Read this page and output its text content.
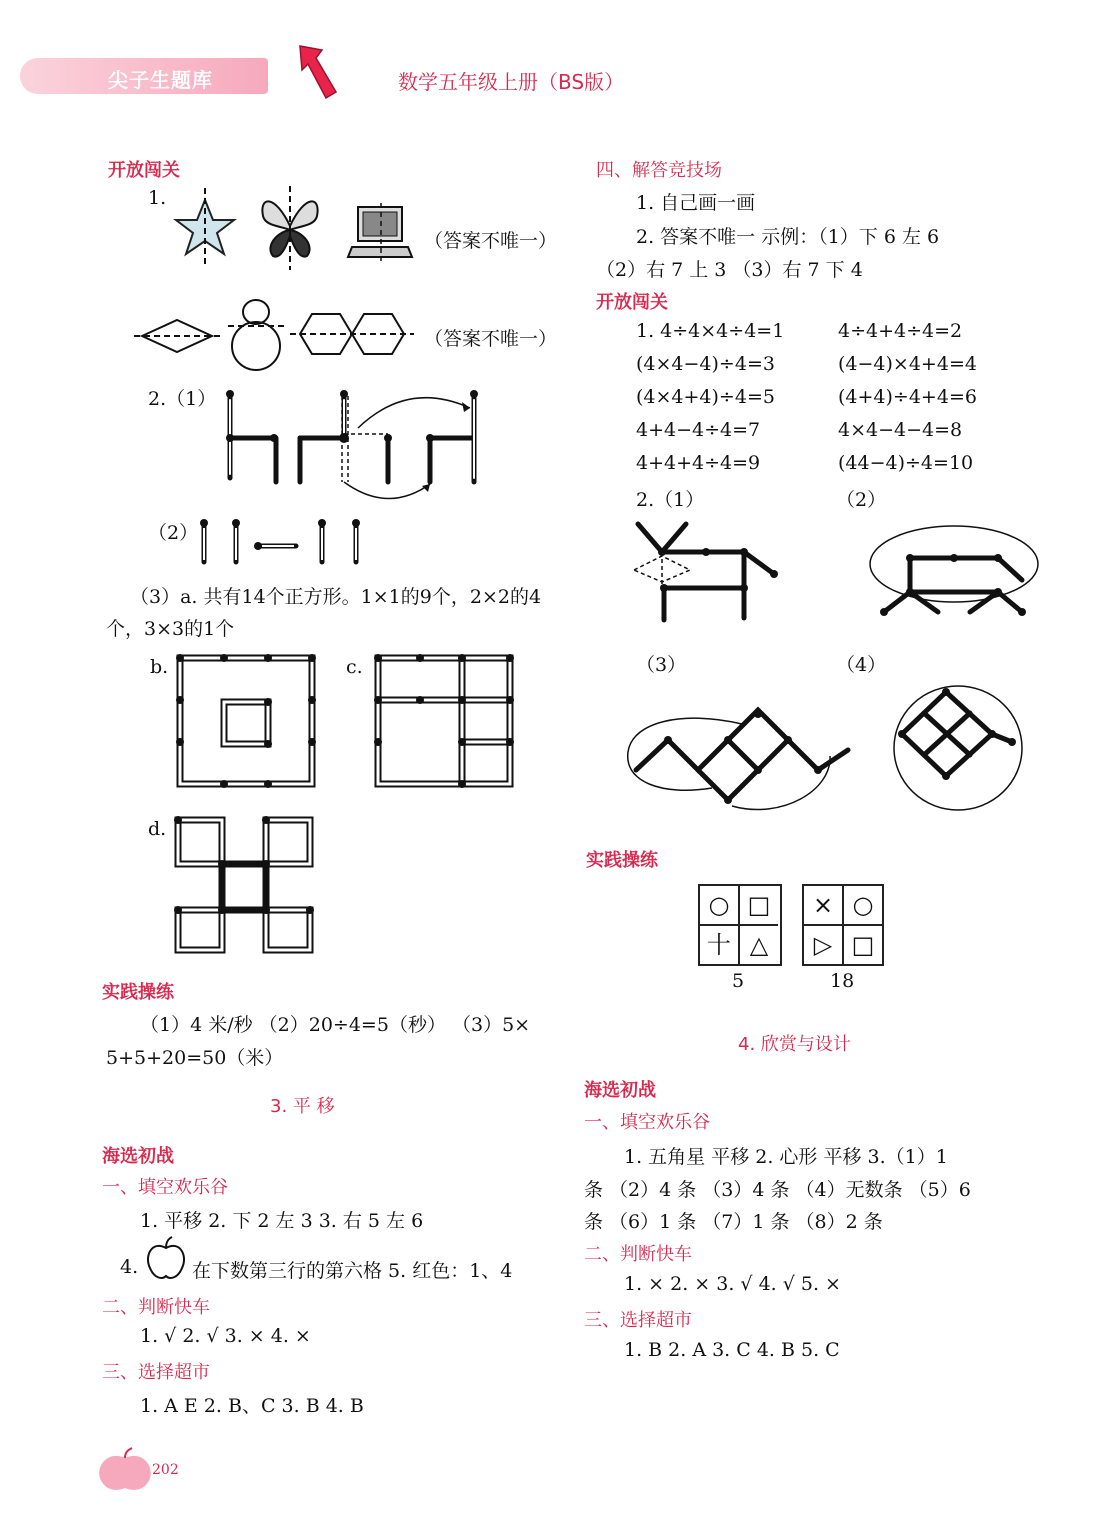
尖子生题库	数学五年级上册（BS版）
开放闯关
1.
（答案不唯一）
（答案不唯一）
2.（1）
（2）
（3）a. 共有14个正方形。1×1的9个，2×2的4
个，3×3的1个
b.	c.
d.
实践操练
（1）4 米/秒 （2）20÷4=5（秒） （3）5×
5+5+20=50（米）
3. 平 移
海选初战
一、填空欢乐谷
1. 平移 2. 下 2 左 3 3. 右 5 左 6
4.	在下数第三行的第六格 5. 红色：1、4
二、判断快车
1. √ 2. √ 3. × 4. ×
三、选择超市
1. A E 2. B、C 3. B 4. B
四、解答竞技场
1. 自己画一画
2. 答案不唯一 示例：（1）下 6 左 6
（2）右 7 上 3 （3）右 7 下 4
开放闯关
1. 4÷4×4÷4=1	4÷4+4÷4=2
(4×4−4)÷4=3	(4−4)×4+4=4
(4×4+4)÷4=5	(4+4)÷4+4=6
4+4−4÷4=7	4×4−4−4=8
4+4+4÷4=9	(44−4)÷4=10
2.（1）	（2）
（3）	（4）
实践操练
○ □
十 △
5
× ○
▷ □
18
4. 欣赏与设计
海选初战
一、填空欢乐谷
1. 五角星 平移 2. 心形 平移 3.（1）1
条 （2）4 条 （3）4 条 （4）无数条 （5）6
条 （6）1 条 （7）1 条 （8）2 条
二、判断快车
1. × 2. × 3. √ 4. √ 5. ×
三、选择超市
1. B 2. A 3. C 4. B 5. C
202
